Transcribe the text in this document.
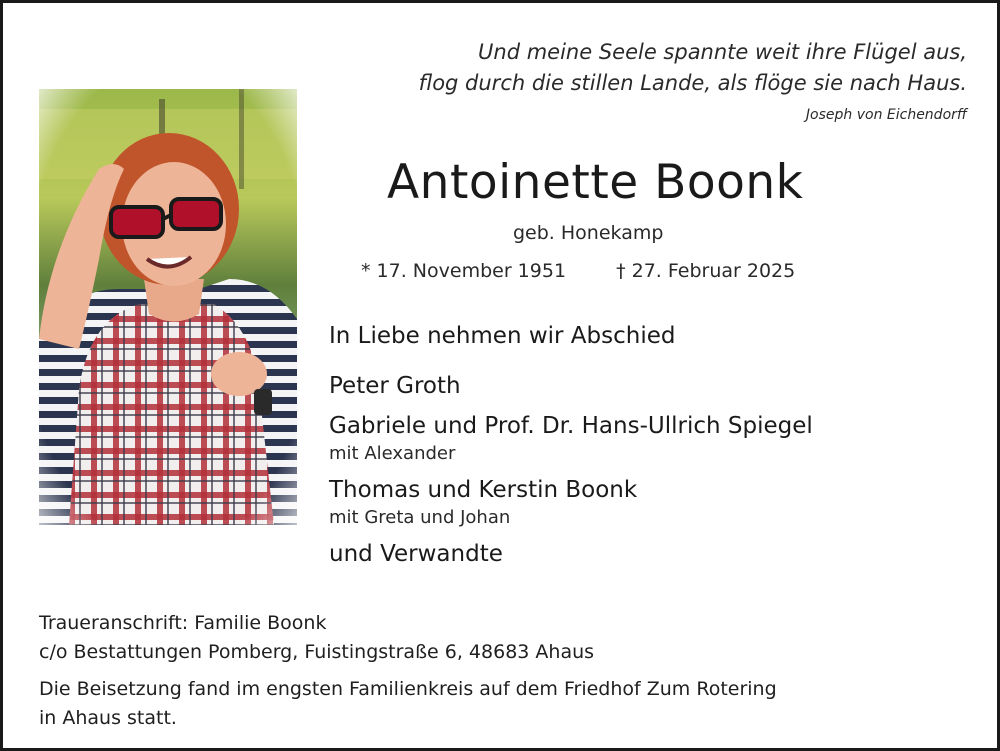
Und meine Seele spannte weit ihre Flügel aus,
flog durch die stillen Lande, als flöge sie nach Haus.
Joseph von Eichendorff
Antoinette Boonk
geb. Honekamp
* 17. November 1951	† 27. Februar 2025
In Liebe nehmen wir Abschied
Peter Groth
Gabriele und Prof. Dr. Hans-Ullrich Spiegel
mit Alexander
Thomas und Kerstin Boonk
mit Greta und Johan
und Verwandte
Traueranschrift: Familie Boonk
c/o Bestattungen Pomberg, Fuistingstraße 6, 48683 Ahaus
Die Beisetzung fand im engsten Familienkreis auf dem Friedhof Zum Rotering
in Ahaus statt.
